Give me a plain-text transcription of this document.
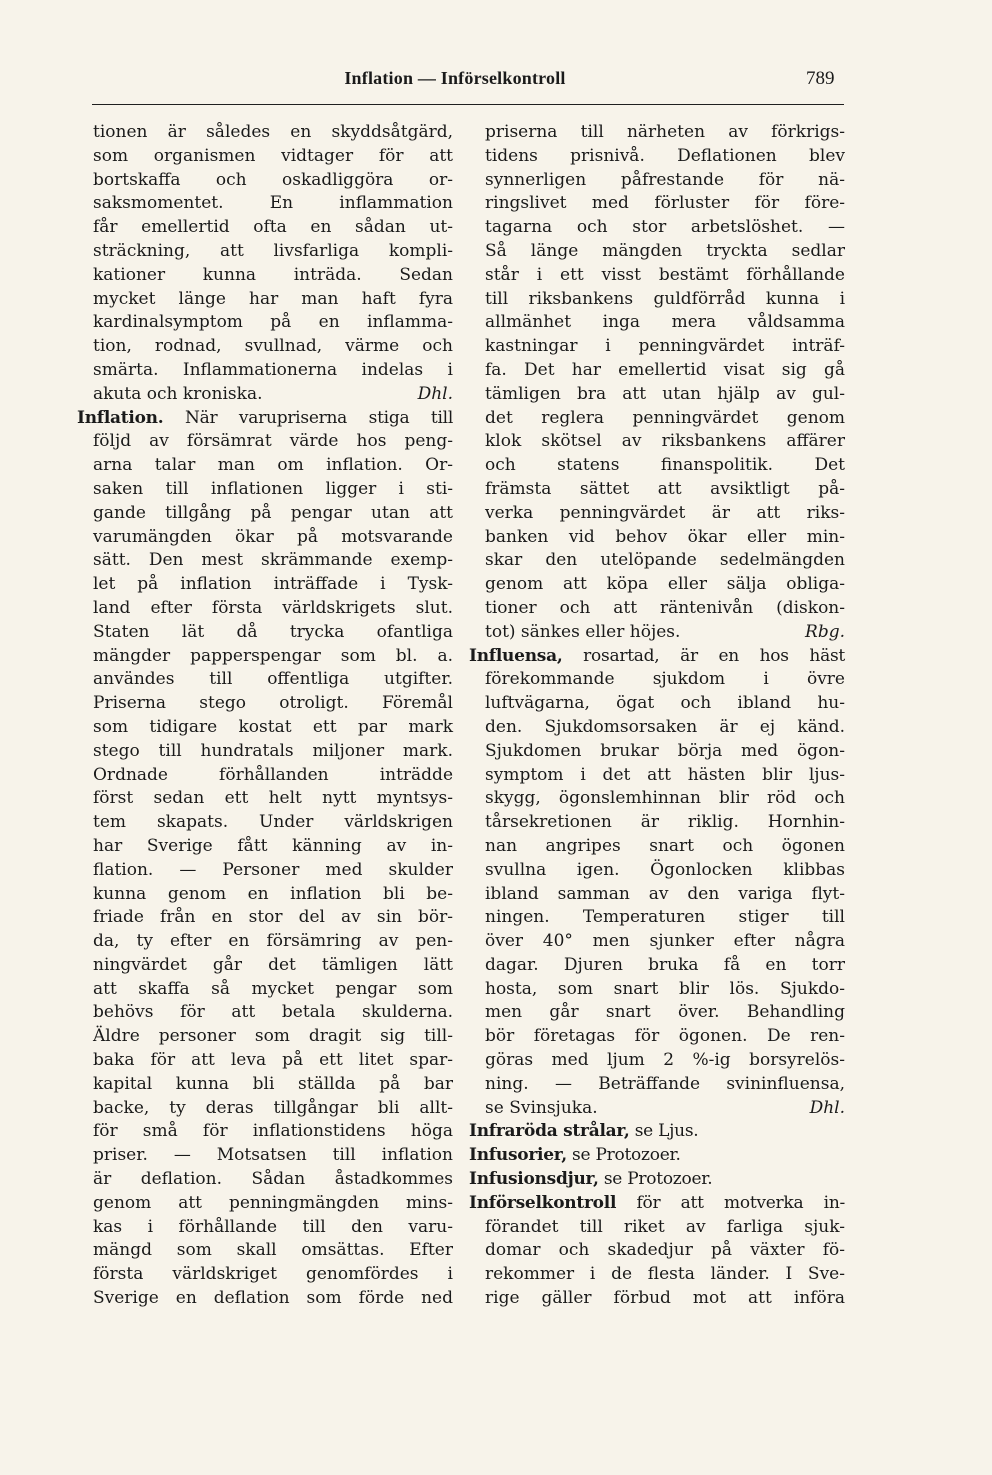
Inflation — Införselkontroll	789
tionen är således en skyddsåtgärd,
som organismen vidtager för att
bortskaffa och oskadliggöra or-
saksmomentet. En inflammation
får emellertid ofta en sådan ut-
sträckning, att livsfarliga kompli-
kationer kunna inträda. Sedan
mycket länge har man haft fyra
kardinalsymptom på en inflamma-
tion, rodnad, svullnad, värme och
smärta. Inflammationerna indelas i
akuta och kroniska.	Dhl.
Inflation. När varupriserna stiga till
följd av försämrat värde hos peng-
arna talar man om inflation. Or-
saken till inflationen ligger i sti-
gande tillgång på pengar utan att
varumängden ökar på motsvarande
sätt. Den mest skrämmande exemp-
let på inflation inträffade i Tysk-
land efter första världskrigets slut.
Staten lät då trycka ofantliga
mängder papperspengar som bl. a.
användes till offentliga utgifter.
Priserna stego otroligt. Föremål
som tidigare kostat ett par mark
stego till hundratals miljoner mark.
Ordnade förhållanden inträdde
först sedan ett helt nytt myntsys-
tem skapats. Under världskrigen
har Sverige fått känning av in-
flation. — Personer med skulder
kunna genom en inflation bli be-
friade från en stor del av sin bör-
da, ty efter en försämring av pen-
ningvärdet går det tämligen lätt
att skaffa så mycket pengar som
behövs för att betala skulderna.
Äldre personer som dragit sig till-
baka för att leva på ett litet spar-
kapital kunna bli ställda på bar
backe, ty deras tillgångar bli allt-
för små för inflationstidens höga
priser. — Motsatsen till inflation
är deflation. Sådan åstadkommes
genom att penningmängden mins-
kas i förhållande till den varu-
mängd som skall omsättas. Efter
första världskriget genomfördes i
Sverige en deflation som förde ned
priserna till närheten av förkrigs-
tidens prisnivå. Deflationen blev
synnerligen påfrestande för nä-
ringslivet med förluster för före-
tagarna och stor arbetslöshet. —
Så länge mängden tryckta sedlar
står i ett visst bestämt förhållande
till riksbankens guldförråd kunna i
allmänhet inga mera våldsamma
kastningar i penningvärdet inträf-
fa. Det har emellertid visat sig gå
tämligen bra att utan hjälp av gul-
det reglera penningvärdet genom
klok skötsel av riksbankens affärer
och statens finanspolitik. Det
främsta sättet att avsiktligt på-
verka penningvärdet är att riks-
banken vid behov ökar eller min-
skar den utelöpande sedelmängden
genom att köpa eller sälja obliga-
tioner och att räntenivån (diskon-
tot) sänkes eller höjes.	Rbg.
Influensa, rosartad, är en hos häst
förekommande sjukdom i övre
luftvägarna, ögat och ibland hu-
den. Sjukdomsorsaken är ej känd.
Sjukdomen brukar börja med ögon-
symptom i det att hästen blir ljus-
skygg, ögonslemhinnan blir röd och
tårsekretionen är riklig. Hornhin-
nan angripes snart och ögonen
svullna igen. Ögonlocken klibbas
ibland samman av den variga flyt-
ningen. Temperaturen stiger till
över 40° men sjunker efter några
dagar. Djuren bruka få en torr
hosta, som snart blir lös. Sjukdo-
men går snart över. Behandling
bör företagas för ögonen. De ren-
göras med ljum 2 %-ig borsyrelös-
ning. — Beträffande svininfluensa,
se Svinsjuka.	Dhl.
Infraröda strålar, se Ljus.
Infusorier, se Protozoer.
Infusionsdjur, se Protozoer.
Införselkontroll för att motverka in-
förandet till riket av farliga sjuk-
domar och skadedjur på växter fö-
rekommer i de flesta länder. I Sve-
rige gäller förbud mot att införa
